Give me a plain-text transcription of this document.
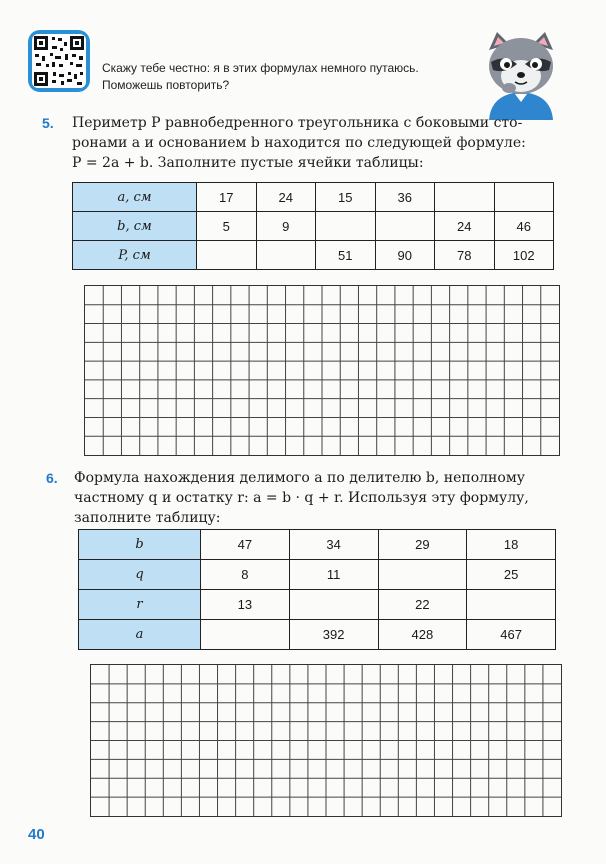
Скажу тебе честно: я в этих формулах немного путаюсь.
Поможешь повторить?
5. Периметр P равнобедренного треугольника с боковыми сто-

ронами a и основанием b находится по следующей формуле:

P = 2a + b. Заполните пустые ячейки таблицы:

a, см	17	24	15	36		
b, см	5	9			24	46
P, см			51	90	78	102
6. Формула нахождения делимого a по делителю b, неполному

частному q и остатку r: a = b · q + r. Используя эту формулу,

заполните таблицу:

b	47	34	29	18
q	8	11		25
r	13		22	
a		392	428	467
40
